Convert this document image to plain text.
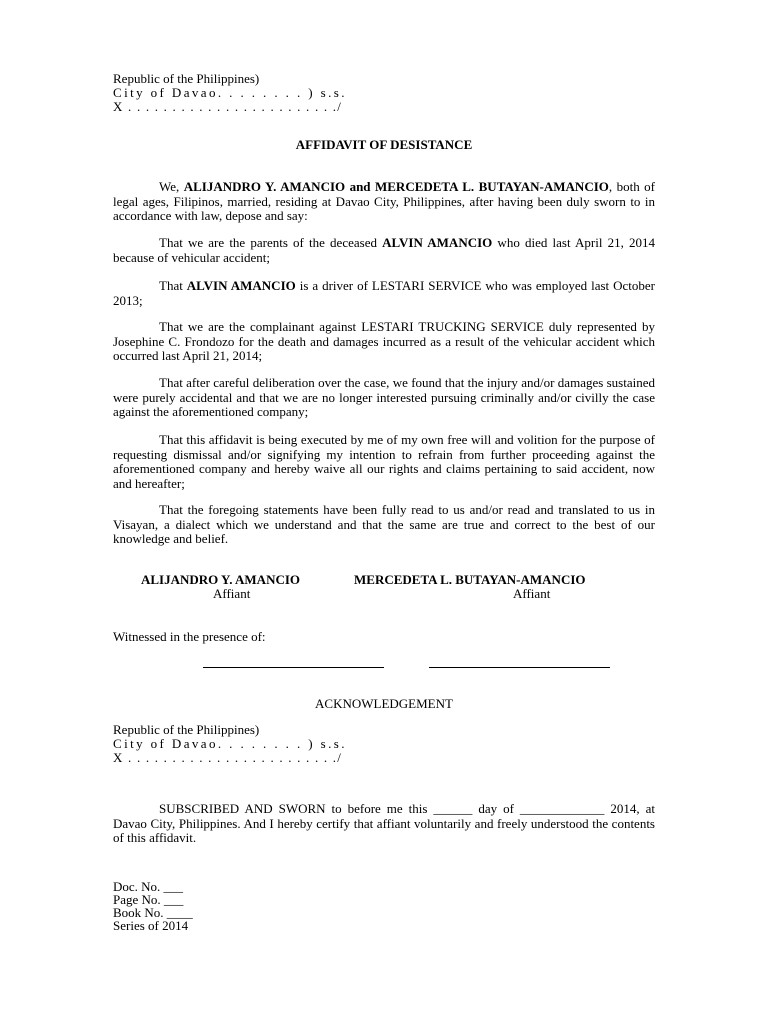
Republic of the Philippines)
City of Davao. . . . . . . . ) s.s.
X . . . . . . . . . . . . . . . . . . . . . . . ./
AFFIDAVIT OF DESISTANCE
We, ALIJANDRO Y. AMANCIO and MERCEDETA L. BUTAYAN-AMANCIO, both of legal ages, Filipinos, married, residing at Davao City, Philippines, after having been duly sworn to in accordance with law, depose and say:
That we are the parents of the deceased ALVIN AMANCIO who died last April 21, 2014 because of vehicular accident;
That ALVIN AMANCIO is a driver of LESTARI SERVICE who was employed last October 2013;
That we are the complainant against LESTARI TRUCKING SERVICE duly represented by Josephine C. Frondozo for the death and damages incurred as a result of the vehicular accident which occurred last April 21, 2014;
That after careful deliberation over the case, we found that the injury and/or damages sustained were purely accidental and that we are no longer interested pursuing criminally and/or civilly the case against the aforementioned company;
That this affidavit is being executed by me of my own free will and volition for the purpose of requesting dismissal and/or signifying my intention to refrain from further proceeding against the aforementioned company and hereby waive all our rights and claims pertaining to said accident, now and hereafter;
That the foregoing statements have been fully read to us and/or read and translated to us in Visayan, a dialect which we understand and that the same are true and correct to the best of our knowledge and belief.
ALIJANDRO Y. AMANCIO
Affiant
MERCEDETA L. BUTAYAN-AMANCIO
Affiant
Witnessed in the presence of:
ACKNOWLEDGEMENT
Republic of the Philippines)
City of Davao. . . . . . . . ) s.s.
X . . . . . . . . . . . . . . . . . . . . . . . ./
SUBSCRIBED AND SWORN to before me this ______ day of _____________ 2014, at Davao City, Philippines. And I hereby certify that affiant voluntarily and freely understood the contents of this affidavit.
Doc. No. ___
Page No. ___
Book No. ____
Series of 2014
